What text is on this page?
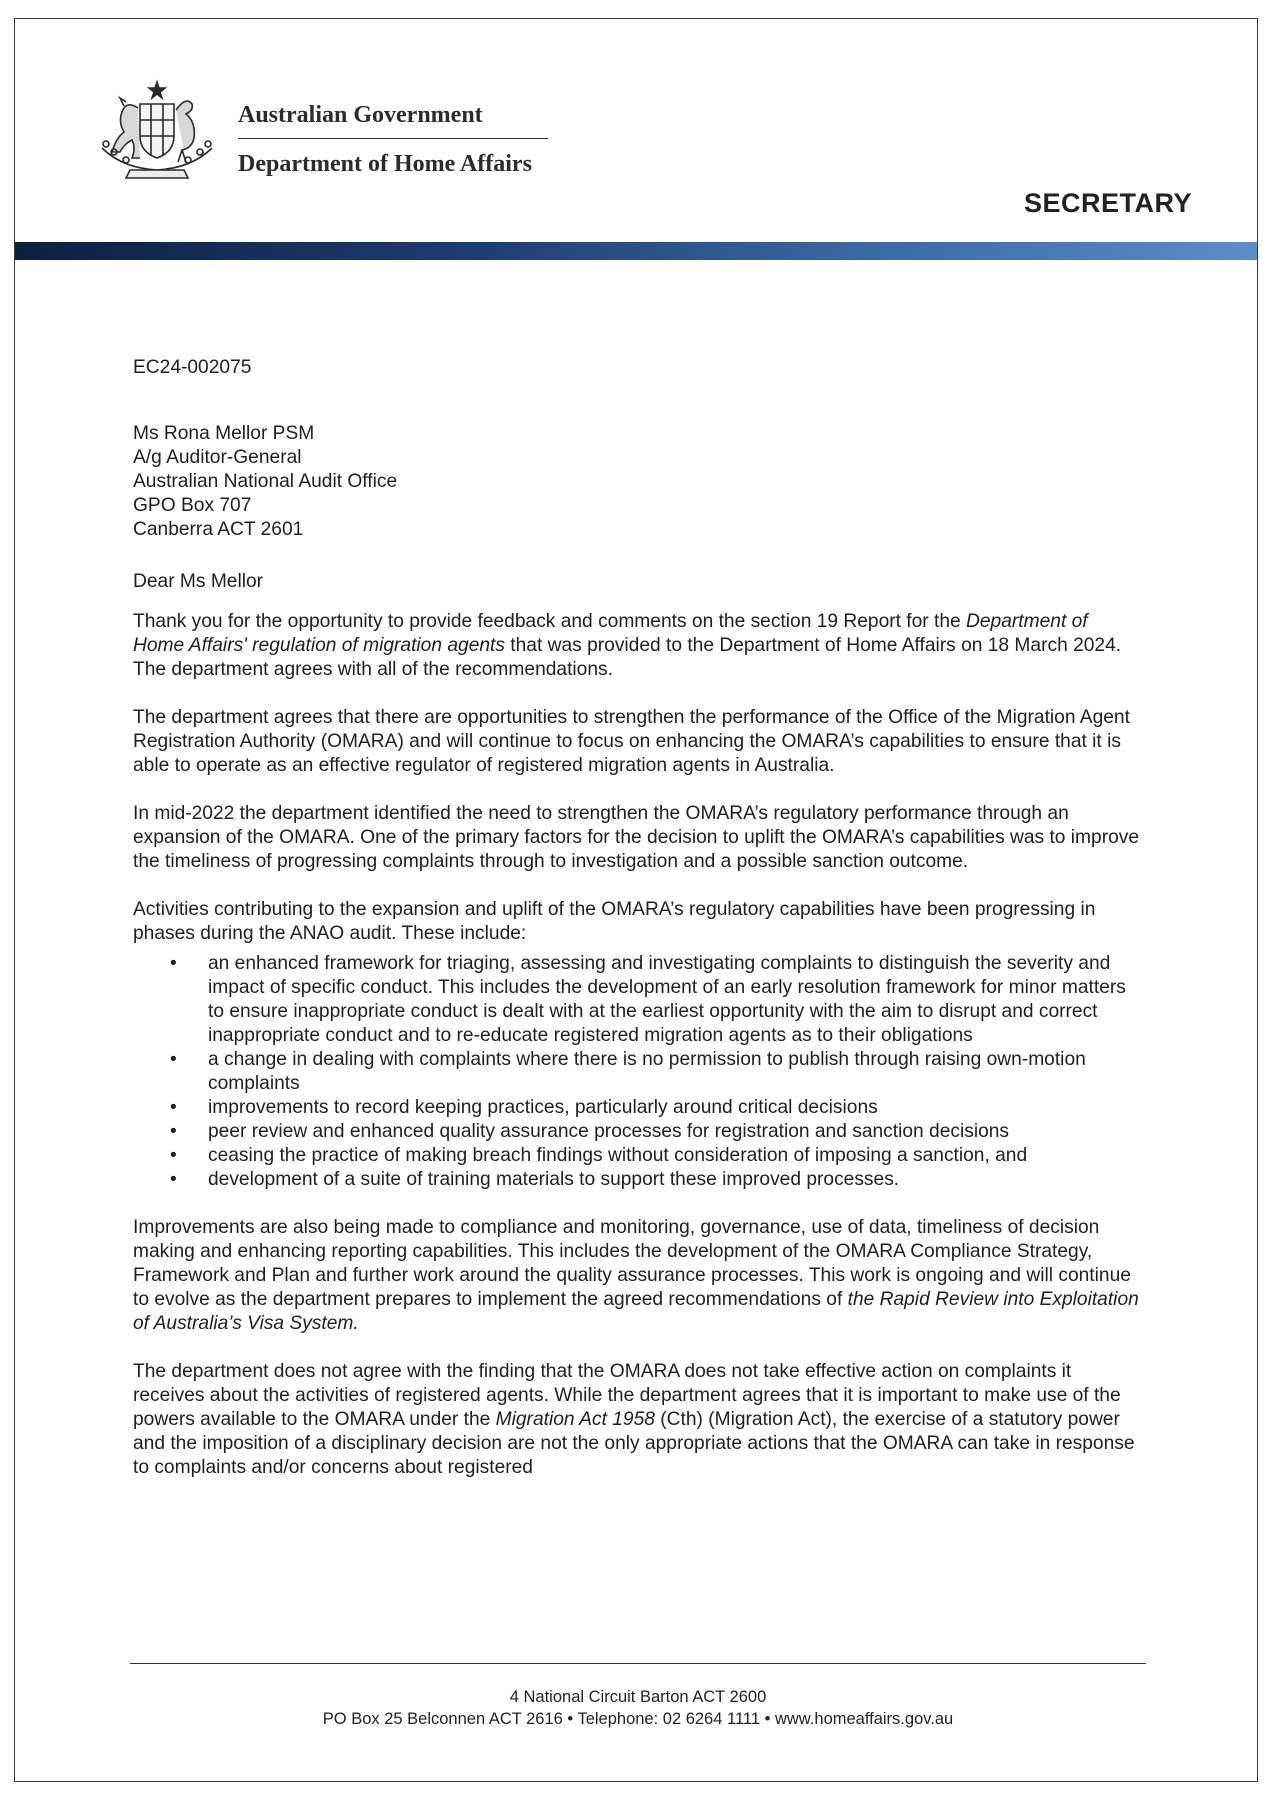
Australian Government
Department of Home Affairs
SECRETARY

EC24-002075

Ms Rona Mellor PSM

A/g Auditor-General

Australian National Audit Office

GPO Box 707

Canberra ACT 2601

Dear Ms Mellor

Thank you for the opportunity to provide feedback and comments on the section 19 Report for the Department of Home Affairs' regulation of migration agents that was provided to the Department of Home Affairs on 18 March 2024. The department agrees with all of the recommendations.

The department agrees that there are opportunities to strengthen the performance of the Office of the Migration Agent Registration Authority (OMARA) and will continue to focus on enhancing the OMARA’s capabilities to ensure that it is able to operate as an effective regulator of registered migration agents in Australia.

In mid-2022 the department identified the need to strengthen the OMARA’s regulatory performance through an expansion of the OMARA. One of the primary factors for the decision to uplift the OMARA’s capabilities was to improve the timeliness of progressing complaints through to investigation and a possible sanction outcome.

Activities contributing to the expansion and uplift of the OMARA’s regulatory capabilities have been progressing in phases during the ANAO audit. These include:

• an enhanced framework for triaging, assessing and investigating complaints to distinguish the severity and impact of specific conduct. This includes the development of an early resolution framework for minor matters to ensure inappropriate conduct is dealt with at the earliest opportunity with the aim to disrupt and correct inappropriate conduct and to re-educate registered migration agents as to their obligations
• a change in dealing with complaints where there is no permission to publish through raising own-motion complaints
• improvements to record keeping practices, particularly around critical decisions
• peer review and enhanced quality assurance processes for registration and sanction decisions
• ceasing the practice of making breach findings without consideration of imposing a sanction, and
• development of a suite of training materials to support these improved processes.

Improvements are also being made to compliance and monitoring, governance, use of data, timeliness of decision making and enhancing reporting capabilities. This includes the development of the OMARA Compliance Strategy, Framework and Plan and further work around the quality assurance processes. This work is ongoing and will continue to evolve as the department prepares to implement the agreed recommendations of the Rapid Review into Exploitation of Australia’s Visa System.

The department does not agree with the finding that the OMARA does not take effective action on complaints it receives about the activities of registered agents. While the department agrees that it is important to make use of the powers available to the OMARA under the Migration Act 1958 (Cth) (Migration Act), the exercise of a statutory power and the imposition of a disciplinary decision are not the only appropriate actions that the OMARA can take in response to complaints and/or concerns about registered

4 National Circuit Barton ACT 2600
PO Box 25 Belconnen ACT 2616 • Telephone: 02 6264 1111 • www.homeaffairs.gov.au
